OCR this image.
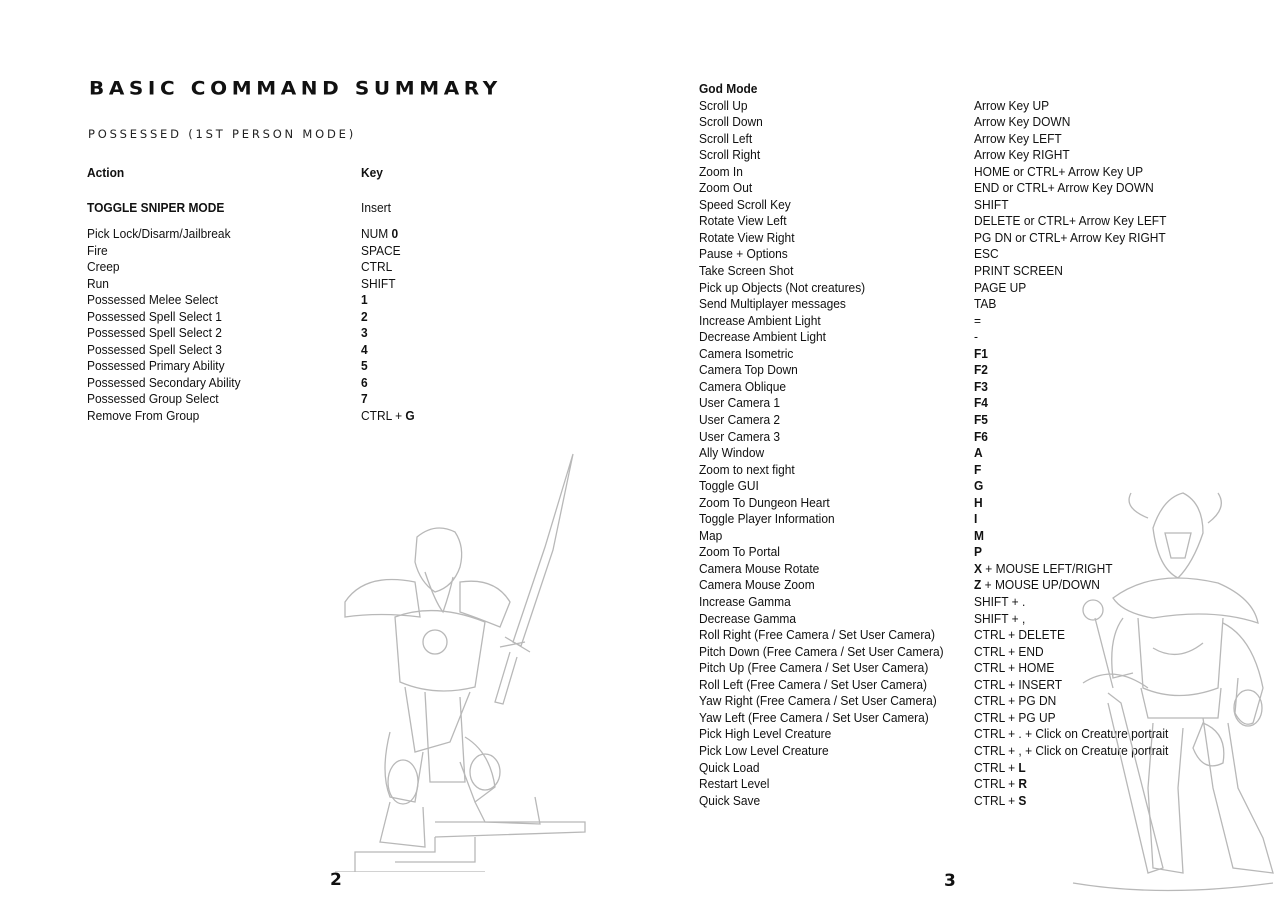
BASIC COMMAND SUMMARY
POSSESSED (1ST PERSON MODE)
Action	Key
TOGGLE SNIPER MODE	Insert
Pick Lock/Disarm/Jailbreak	NUM 0
Fire	SPACE
Creep	CTRL
Run	SHIFT
Possessed Melee Select	1
Possessed Spell Select 1	2
Possessed Spell Select 2	3
Possessed Spell Select 3	4
Possessed Primary Ability	5
Possessed Secondary Ability	6
Possessed Group Select	7
Remove From Group	CTRL + G
2
God Mode
Scroll Up	Arrow Key UP
Scroll Down	Arrow Key DOWN
Scroll Left	Arrow Key LEFT
Scroll Right	Arrow Key RIGHT
Zoom In	HOME or CTRL+ Arrow Key UP
Zoom Out	END or CTRL+ Arrow Key DOWN
Speed Scroll Key	SHIFT
Rotate View Left	DELETE or CTRL+ Arrow Key LEFT
Rotate View Right	PG DN or CTRL+ Arrow Key RIGHT
Pause + Options	ESC
Take Screen Shot	PRINT SCREEN
Pick up Objects (Not creatures)	PAGE UP
Send Multiplayer messages	TAB
Increase Ambient Light	=
Decrease Ambient Light	-
Camera Isometric	F1
Camera Top Down	F2
Camera Oblique	F3
User Camera 1	F4
User Camera 2	F5
User Camera 3	F6
Ally Window	A
Zoom to next fight	F
Toggle GUI	G
Zoom To Dungeon Heart	H
Toggle Player Information	I
Map	M
Zoom To Portal	P
Camera Mouse Rotate	X + MOUSE LEFT/RIGHT
Camera Mouse Zoom	Z + MOUSE UP/DOWN
Increase Gamma	SHIFT + .
Decrease Gamma	SHIFT + ,
Roll Right (Free Camera / Set User Camera)	CTRL + DELETE
Pitch Down (Free Camera / Set User Camera) CTRL + END
Pitch Up (Free Camera / Set User Camera)	CTRL + HOME
Roll Left (Free Camera / Set User Camera)	CTRL + INSERT
Yaw Right (Free Camera / Set User Camera)	CTRL + PG DN
Yaw Left (Free Camera / Set User Camera)	CTRL + PG UP
Pick High Level Creature	CTRL + . + Click on Creature portrait
Pick Low Level Creature	CTRL + , + Click on Creature portrait
Quick Load	CTRL + L
Restart Level	CTRL + R
Quick Save	CTRL + S
3
